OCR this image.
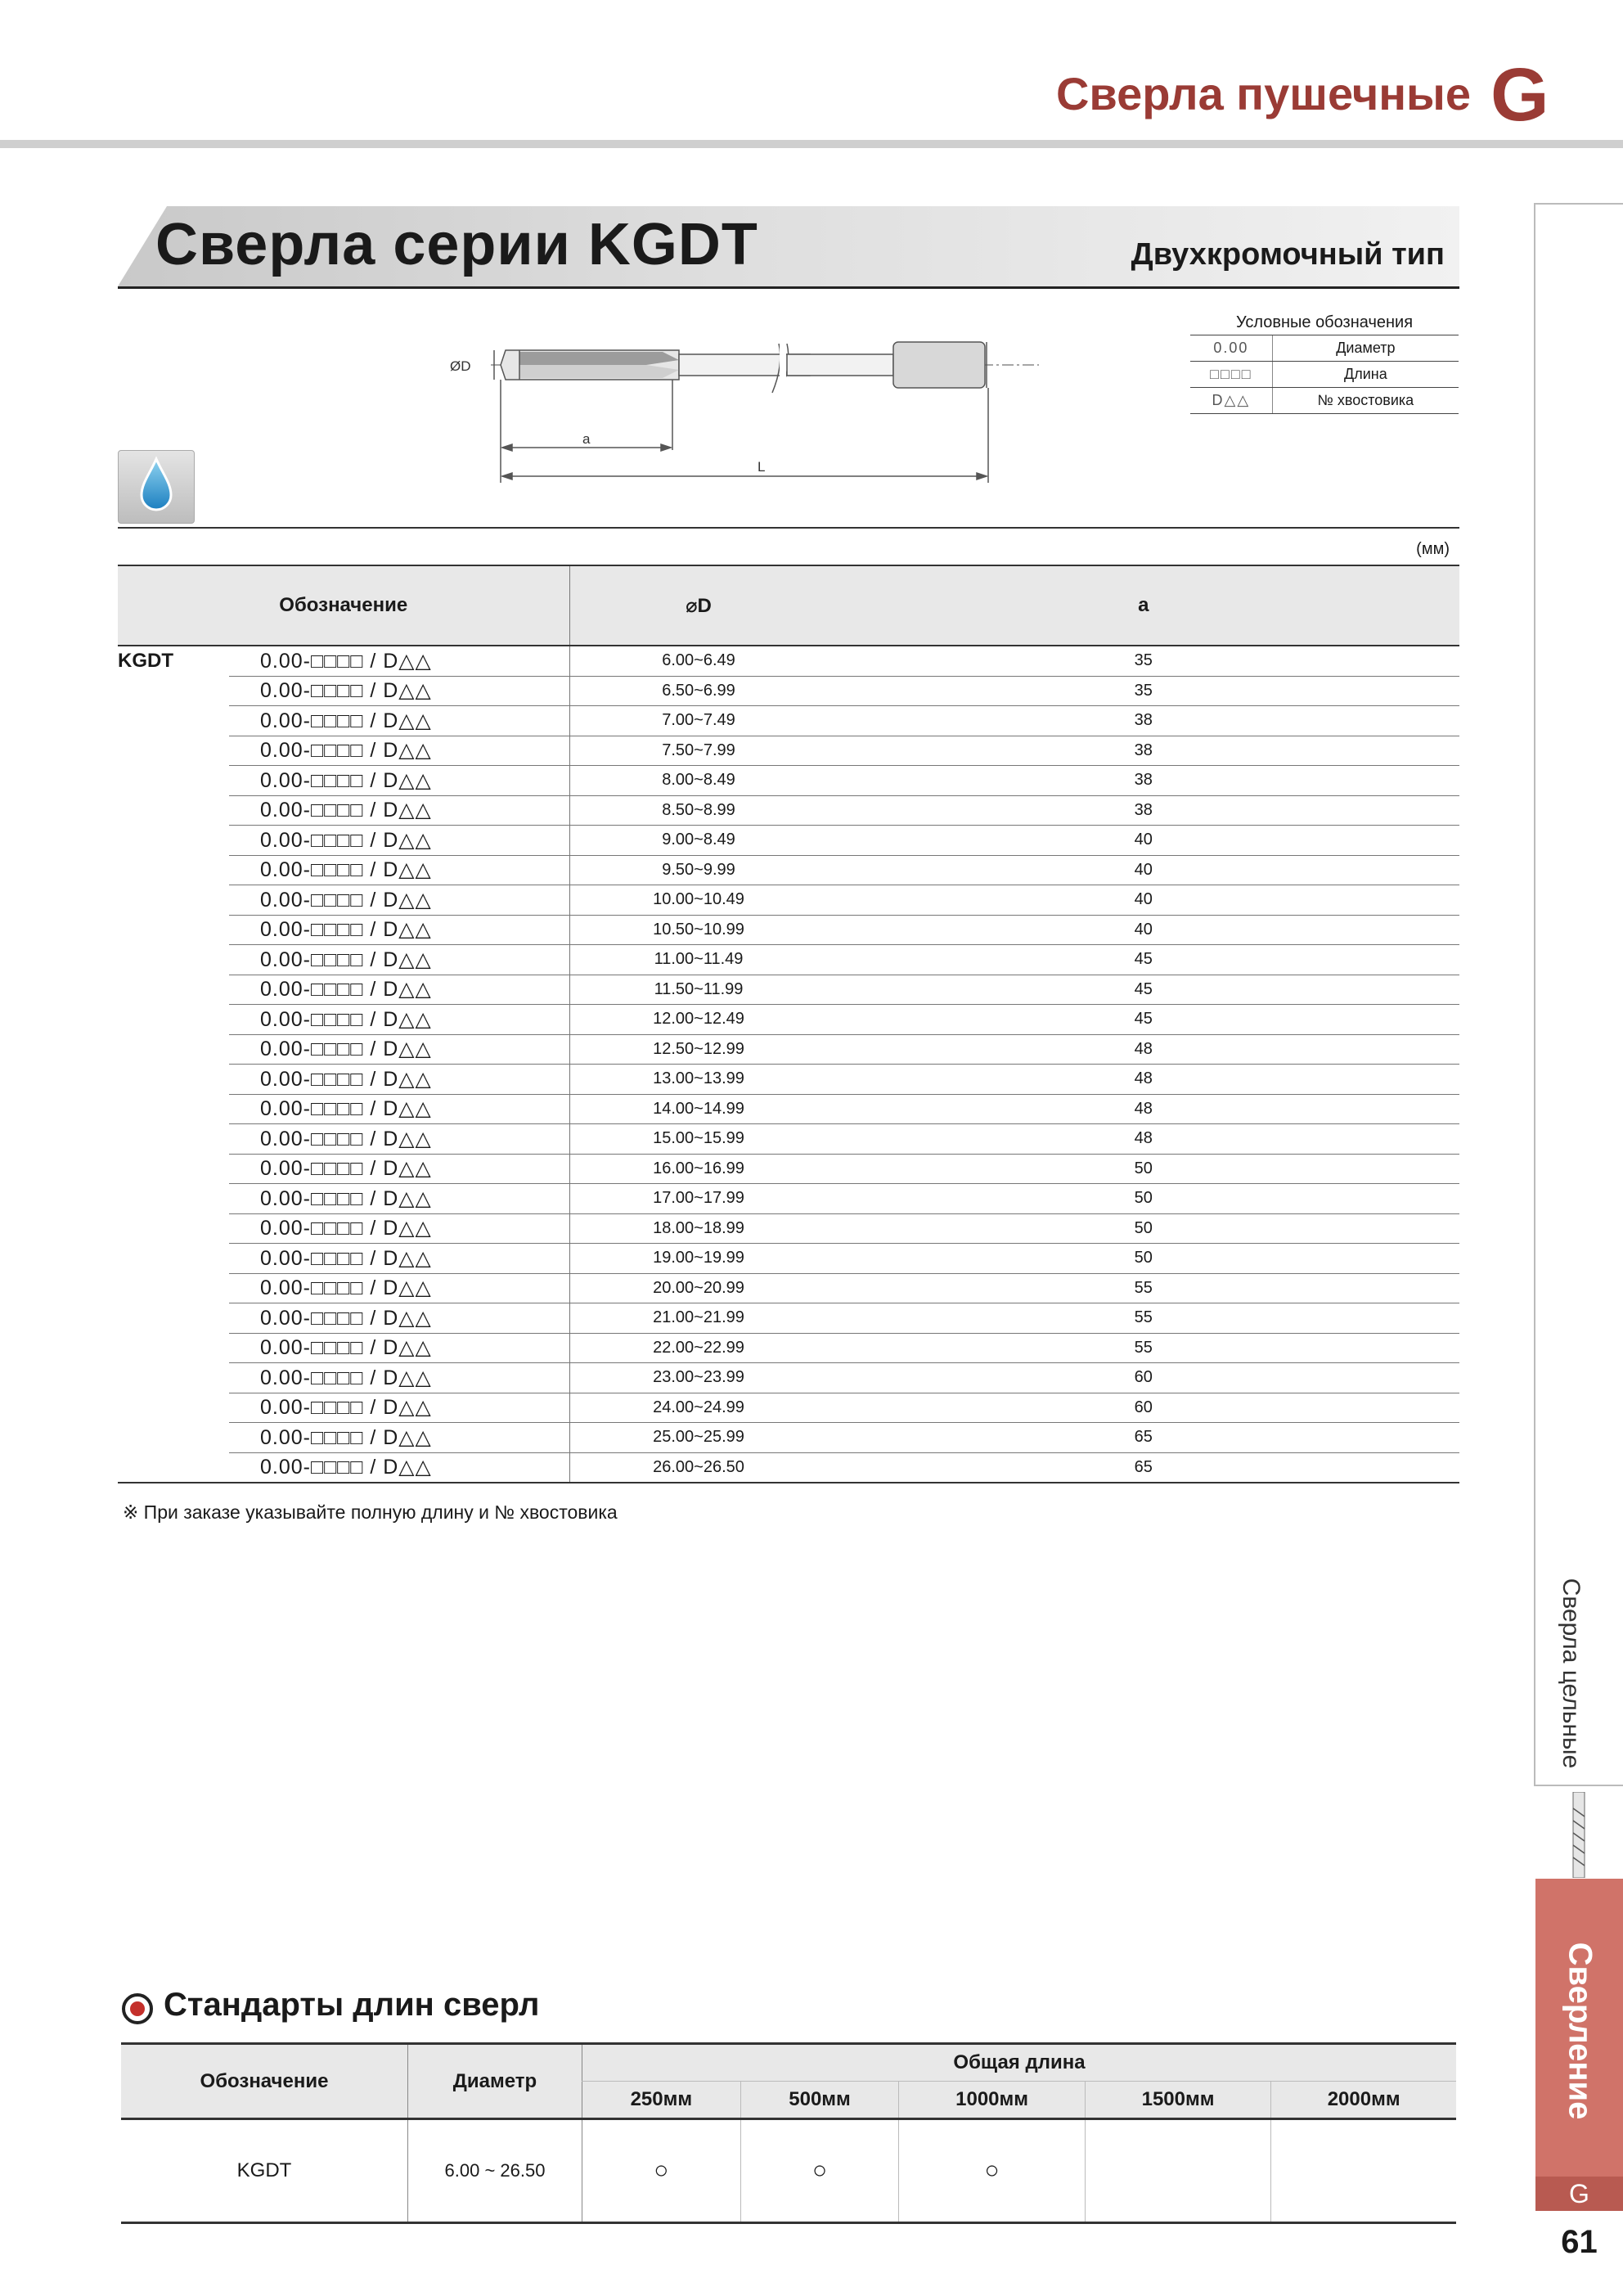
Сверла пушечные G
Сверла серии KGDT	Двухкромочный тип
Условные обозначения

0.00	Диаметр
□□□□	Длина
D△△	№ хвостовика
ØD
a
L
(мм)
Обозначение		⌀D	a
KGDT	0.00-□□□□ / D△△	6.00~6.49	35
	0.00-□□□□ / D△△	6.50~6.99	35
	0.00-□□□□ / D△△	7.00~7.49	38
	0.00-□□□□ / D△△	7.50~7.99	38
	0.00-□□□□ / D△△	8.00~8.49	38
	0.00-□□□□ / D△△	8.50~8.99	38
	0.00-□□□□ / D△△	9.00~8.49	40
	0.00-□□□□ / D△△	9.50~9.99	40
	0.00-□□□□ / D△△	10.00~10.49	40
	0.00-□□□□ / D△△	10.50~10.99	40
	0.00-□□□□ / D△△	11.00~11.49	45
	0.00-□□□□ / D△△	11.50~11.99	45
	0.00-□□□□ / D△△	12.00~12.49	45
	0.00-□□□□ / D△△	12.50~12.99	48
	0.00-□□□□ / D△△	13.00~13.99	48
	0.00-□□□□ / D△△	14.00~14.99	48
	0.00-□□□□ / D△△	15.00~15.99	48
	0.00-□□□□ / D△△	16.00~16.99	50
	0.00-□□□□ / D△△	17.00~17.99	50
	0.00-□□□□ / D△△	18.00~18.99	50
	0.00-□□□□ / D△△	19.00~19.99	50
	0.00-□□□□ / D△△	20.00~20.99	55
	0.00-□□□□ / D△△	21.00~21.99	55
	0.00-□□□□ / D△△	22.00~22.99	55
	0.00-□□□□ / D△△	23.00~23.99	60
	0.00-□□□□ / D△△	24.00~24.99	60
	0.00-□□□□ / D△△	25.00~25.99	65
	0.00-□□□□ / D△△	26.00~26.50	65
※ При заказе указывайте полную длину и № хвостовика
Сверла цельные
Сверление
G
61
Стандарты длин сверл
Обозначение	Диаметр	Общая длина				
		250мм	500мм	1000мм	1500мм	2000мм
KGDT	6.00 ~ 26.50	○	○	○		
